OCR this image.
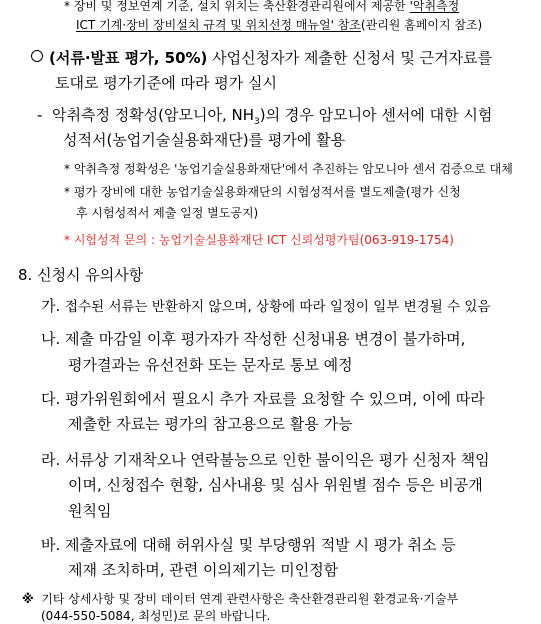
* 장비 및 정보연계 기준, 설치 위치는 축산환경관리원에서 제공한 '악취측정
ICT 기계·장비 장비설치 규격 및 위치선정 매뉴얼' 참조(관리원 홈페이지 참조)
(서류·발표 평가, 50%) 사업신청자가 제출한 신청서 및 근거자료를
토대로 평가기준에 따라 평가 실시
- 악취측정 정확성(암모니아, $NH_3$)의 경우 암모니아 센서에 대한 시험
성적서(농업기술실용화재단)를 평가에 활용
* 악취측정 정확성은 '농업기술실용화재단'에서 추진하는 암모니아 센서 검증으로 대체
* 평가 장비에 대한 농업기술실용화재단의 시험성적서를 별도제출(평가 신청
후 시험성적서 제출 일정 별도공지)
* 시험성적 문의 : 농업기술실용화재단 ICT 신뢰성평가팀(063-919-1754)
8. 신청시 유의사항
가. 접수된 서류는 반환하지 않으며, 상황에 따라 일정이 일부 변경될 수 있음
나. 제출 마감일 이후 평가자가 작성한 신청내용 변경이 불가하며,
평가결과는 유선전화 또는 문자로 통보 예정
다. 평가위원회에서 필요시 추가 자료를 요청할 수 있으며, 이에 따라
제출한 자료는 평가의 참고용으로 활용 가능
라. 서류상 기재착오나 연락불능으로 인한 불이익은 평가 신청자 책임
이며, 신청접수 현황, 심사내용 및 심사 위원별 점수 등은 비공개
원칙임
바. 제출자료에 대해 허위사실 및 부당행위 적발 시 평가 취소 등
제재 조치하며, 관련 이의제기는 미인정함
※ 기타 상세사항 및 장비 데이터 연계 관련사항은 축산환경관리원 환경교육·기술부
(044-550-5084, 최성민)로 문의 바랍니다.
